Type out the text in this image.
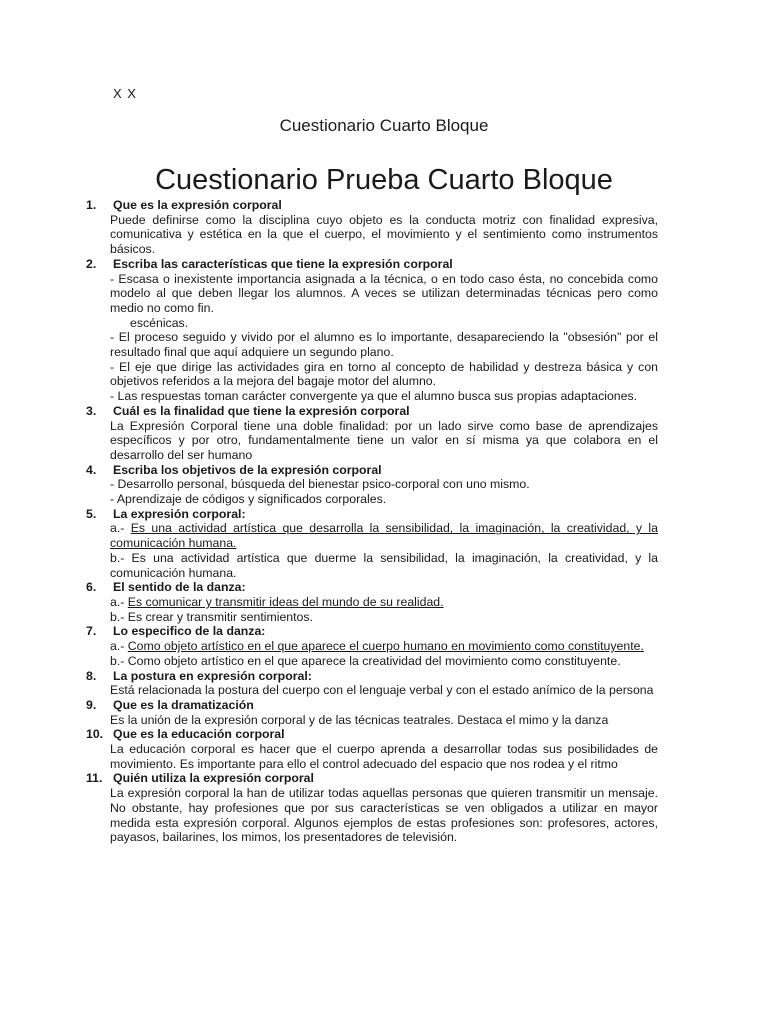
X X
Cuestionario Cuarto Bloque
Cuestionario Prueba Cuarto Bloque
1.	Que es la expresión corporal

Puede definirse como la disciplina cuyo objeto es la conducta motriz con finalidad expresiva, comunicativa y estética en la que el cuerpo, el movimiento y el sentimiento como instrumentos básicos.

2.	Escriba las características que tiene la expresión corporal

- Escasa o inexistente importancia asignada a la técnica, o en todo caso ésta, no concebida como modelo al que deben llegar los alumnos. A veces se utilizan determinadas técnicas pero como medio no como fin.

escénicas.

- El proceso seguido y vivido por el alumno es lo importante, desapareciendo la "obsesión" por el resultado final que aquí adquiere un segundo plano.

- El eje que dirige las actividades gira en torno al concepto de habilidad y destreza básica y con objetivos referidos a la mejora del bagaje motor del alumno.

- Las respuestas toman carácter convergente ya que el alumno busca sus propias adaptaciones.

3.	Cuál es la finalidad que tiene la expresión corporal

La Expresión Corporal tiene una doble finalidad: por un lado sirve como base de aprendizajes específicos y por otro, fundamentalmente tiene un valor en sí misma ya que colabora en el desarrollo del ser humano

4.	Escriba los objetivos de la expresión corporal

- Desarrollo personal, búsqueda del bienestar psico-corporal con uno mismo.

- Aprendizaje de códigos y significados corporales.

5.	La expresión corporal:

a.- Es una actividad artística que desarrolla la sensibilidad, la imaginación, la creatividad, y la comunicación humana.

b.- Es una actividad artística que duerme la sensibilidad, la imaginación, la creatividad, y la comunicación humana.

6.	El sentido de la danza:

a.- Es comunicar y transmitir ideas del mundo de su realidad.

b.- Es crear y transmitir sentimientos.

7.	Lo especifico de la danza:

a.- Como objeto artístico en el que aparece el cuerpo humano en movimiento como constituyente.

b.- Como objeto artístico en el que aparece la creatividad del movimiento como constituyente.

8.	La postura en expresión corporal:

Está relacionada la postura del cuerpo con el lenguaje verbal y con el estado anímico de la persona

9.	Que es la dramatización

Es la unión de la expresión corporal y de las técnicas teatrales. Destaca el mimo y la danza

10. Que es la educación corporal

La educación corporal es hacer que el cuerpo aprenda a desarrollar todas sus posibilidades de movimiento. Es importante para ello el control adecuado del espacio que nos rodea y el ritmo

11. Quién utiliza la expresión corporal

La expresión corporal la han de utilizar todas aquellas personas que quieren transmitir un mensaje. No obstante, hay profesiones que por sus características se ven obligados a utilizar en mayor medida esta expresión corporal. Algunos ejemplos de estas profesiones son: profesores, actores, payasos, bailarines, los mimos, los presentadores de televisión.
